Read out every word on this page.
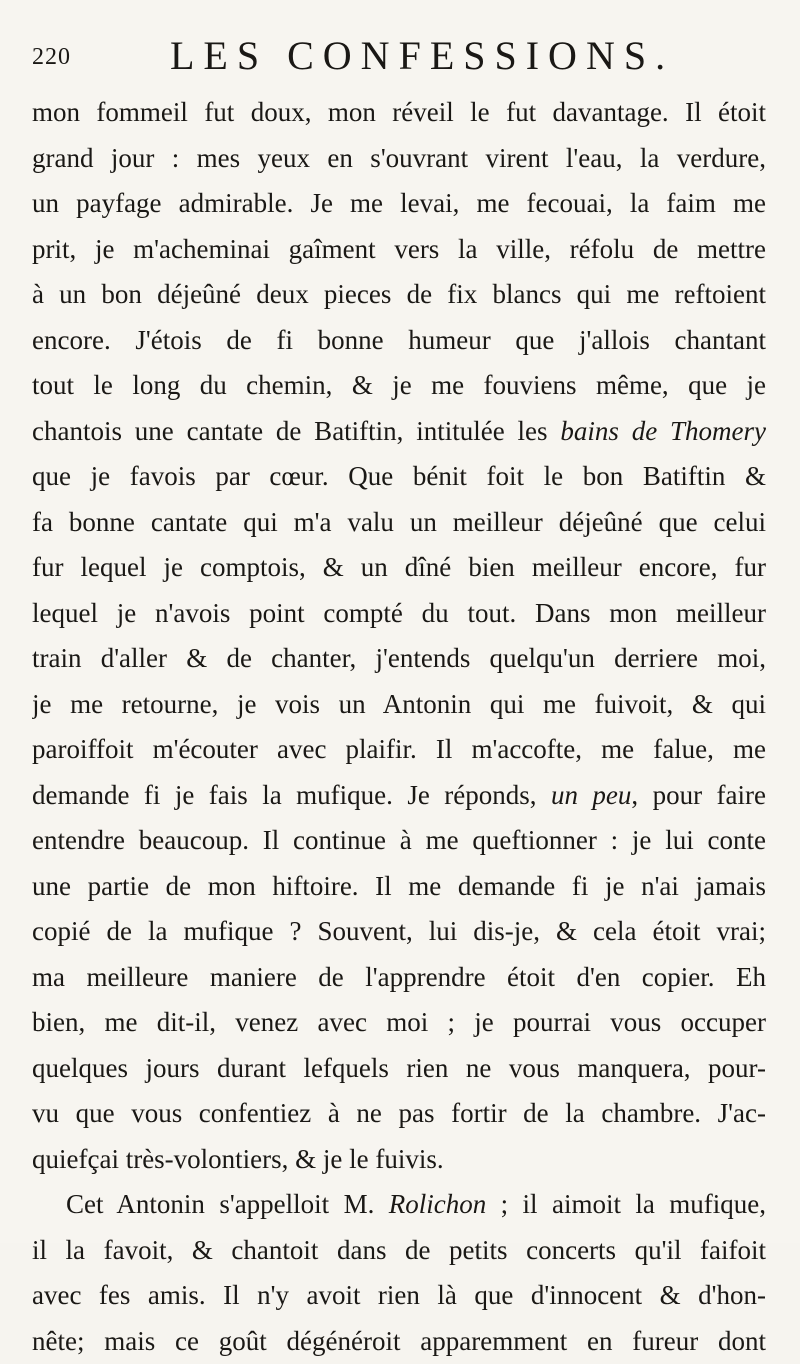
220 LES CONFESSIONS.
mon fommeil fut doux, mon réveil le fut davantage. Il étoit
grand jour : mes yeux en s'ouvrant virent l'eau, la verdure,
un payfage admirable. Je me levai, me fecouai, la faim me
prit, je m'acheminai gaîment vers la ville, réfolu de mettre
à un bon déjeûné deux pieces de fix blancs qui me reftoient
encore. J'étois de fi bonne humeur que j'allois chantant
tout le long du chemin, & je me fouviens même, que je
chantois une cantate de Batiftin, intitulée les bains de Thomery
que je favois par cœur. Que bénit foit le bon Batiftin &
fa bonne cantate qui m'a valu un meilleur déjeûné que celui
fur lequel je comptois, & un dîné bien meilleur encore, fur
lequel je n'avois point compté du tout. Dans mon meilleur
train d'aller & de chanter, j'entends quelqu'un derriere moi,
je me retourne, je vois un Antonin qui me fuivoit, & qui
paroiffoit m'écouter avec plaifir. Il m'accofte, me falue, me
demande fi je fais la mufique. Je réponds, un peu, pour faire
entendre beaucoup. Il continue à me queftionner : je lui conte
une partie de mon hiftoire. Il me demande fi je n'ai jamais
copié de la mufique ? Souvent, lui dis-je, & cela étoit vrai;
ma meilleure maniere de l'apprendre étoit d'en copier. Eh
bien, me dit-il, venez avec moi ; je pourrai vous occuper
quelques jours durant lefquels rien ne vous manquera, pour-
vu que vous confentiez à ne pas fortir de la chambre. J'ac-
quiefçai très-volontiers, & je le fuivis.
Cet Antonin s'appelloit M. Rolichon ; il aimoit la mufique,
il la favoit, & chantoit dans de petits concerts qu'il faifoit
avec fes amis. Il n'y avoit rien là que d'innocent & d'hon-
nête; mais ce goût dégénéroit apparemment en fureur dont
